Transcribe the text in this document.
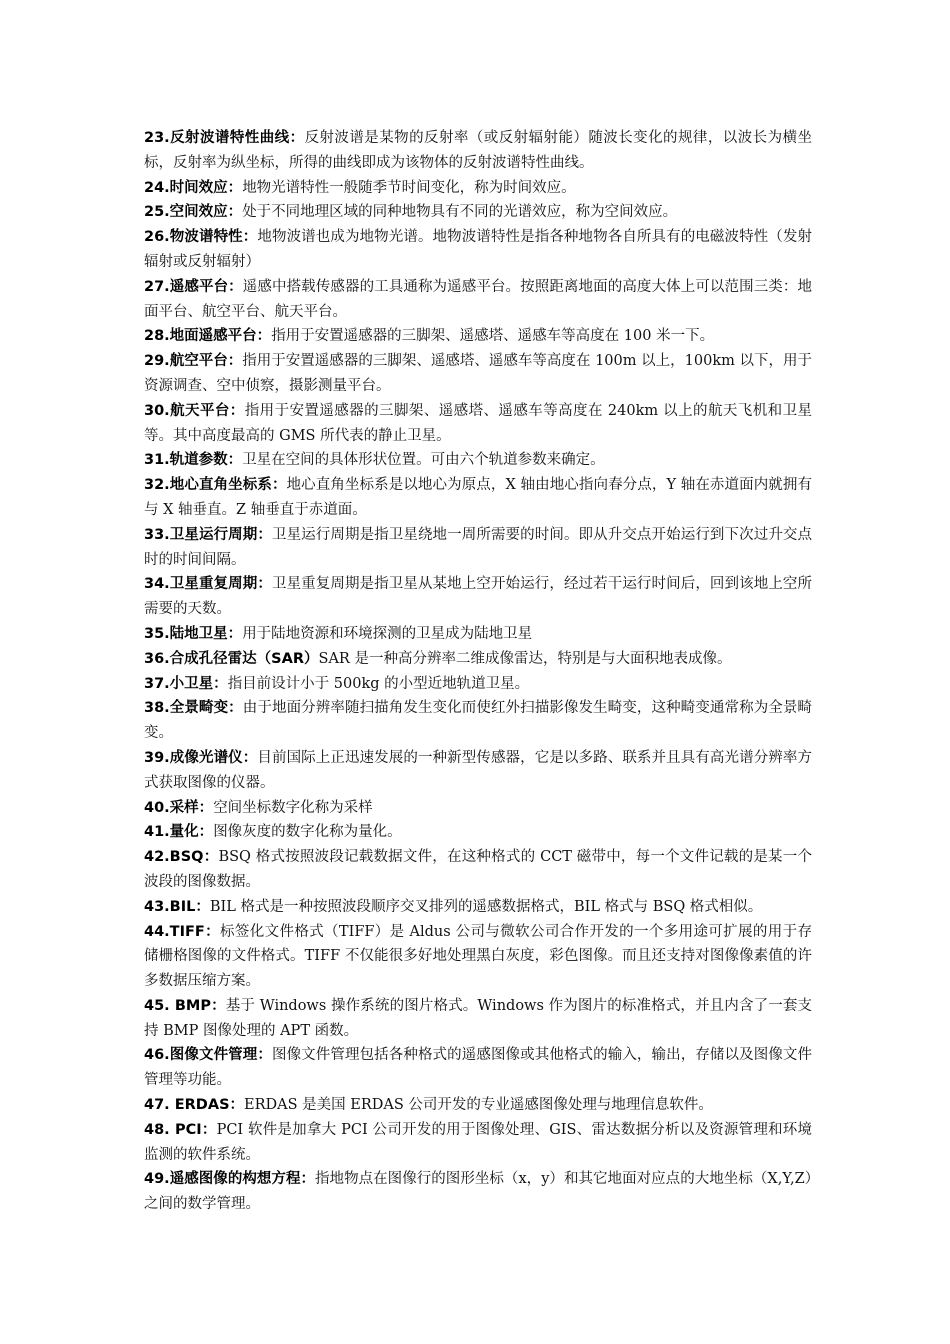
23.反射波谱特性曲线：反射波谱是某物的反射率（或反射辐射能）随波长变化的规律，以波长为横坐标，反射率为纵坐标，所得的曲线即成为该物体的反射波谱特性曲线。

24.时间效应：地物光谱特性一般随季节时间变化，称为时间效应。

25.空间效应：处于不同地理区域的同种地物具有不同的光谱效应，称为空间效应。

26.物波谱特性：地物波谱也成为地物光谱。地物波谱特性是指各种地物各自所具有的电磁波特性（发射辐射或反射辐射）

27.遥感平台：遥感中搭载传感器的工具通称为遥感平台。按照距离地面的高度大体上可以范围三类：地面平台、航空平台、航天平台。

28.地面遥感平台：指用于安置遥感器的三脚架、遥感塔、遥感车等高度在 100 米一下。

29.航空平台：指用于安置遥感器的三脚架、遥感塔、遥感车等高度在 100m 以上，100km 以下，用于资源调查、空中侦察，摄影测量平台。

30.航天平台：指用于安置遥感器的三脚架、遥感塔、遥感车等高度在 240km 以上的航天飞机和卫星等。其中高度最高的 GMS 所代表的静止卫星。

31.轨道参数：卫星在空间的具体形状位置。可由六个轨道参数来确定。

32.地心直角坐标系：地心直角坐标系是以地心为原点，X 轴由地心指向春分点，Y 轴在赤道面内就拥有与 X 轴垂直。Z 轴垂直于赤道面。

33.卫星运行周期：卫星运行周期是指卫星绕地一周所需要的时间。即从升交点开始运行到下次过升交点时的时间间隔。

34.卫星重复周期：卫星重复周期是指卫星从某地上空开始运行，经过若干运行时间后，回到该地上空所需要的天数。

35.陆地卫星：用于陆地资源和环境探测的卫星成为陆地卫星

36.合成孔径雷达（SAR）SAR 是一种高分辨率二维成像雷达，特别是与大面积地表成像。

37.小卫星：指目前设计小于 500kg 的小型近地轨道卫星。

38.全景畸变：由于地面分辨率随扫描角发生变化而使红外扫描影像发生畸变，这种畸变通常称为全景畸变。

39.成像光谱仪：目前国际上正迅速发展的一种新型传感器，它是以多路、联系并且具有高光谱分辨率方式获取图像的仪器。

40.采样：空间坐标数字化称为采样

41.量化：图像灰度的数字化称为量化。

42.BSQ：BSQ 格式按照波段记载数据文件，在这种格式的 CCT 磁带中，每一个文件记载的是某一个波段的图像数据。

43.BIL：BIL 格式是一种按照波段顺序交叉排列的遥感数据格式，BIL 格式与 BSQ 格式相似。

44.TIFF：标签化文件格式（TIFF）是 Aldus 公司与微软公司合作开发的一个多用途可扩展的用于存储栅格图像的文件格式。TIFF 不仅能很多好地处理黑白灰度，彩色图像。而且还支持对图像像素值的许多数据压缩方案。

45. BMP：基于 Windows 操作系统的图片格式。Windows 作为图片的标准格式，并且内含了一套支持 BMP 图像处理的 APT 函数。

46.图像文件管理：图像文件管理包括各种格式的遥感图像或其他格式的输入，输出，存储以及图像文件管理等功能。

47. ERDAS：ERDAS 是美国 ERDAS 公司开发的专业遥感图像处理与地理信息软件。

48. PCI：PCI 软件是加拿大 PCI 公司开发的用于图像处理、GIS、雷达数据分析以及资源管理和环境监测的软件系统。

49.遥感图像的构想方程：指地物点在图像行的图形坐标（x，y）和其它地面对应点的大地坐标（X,Y,Z）之间的数学管理。
